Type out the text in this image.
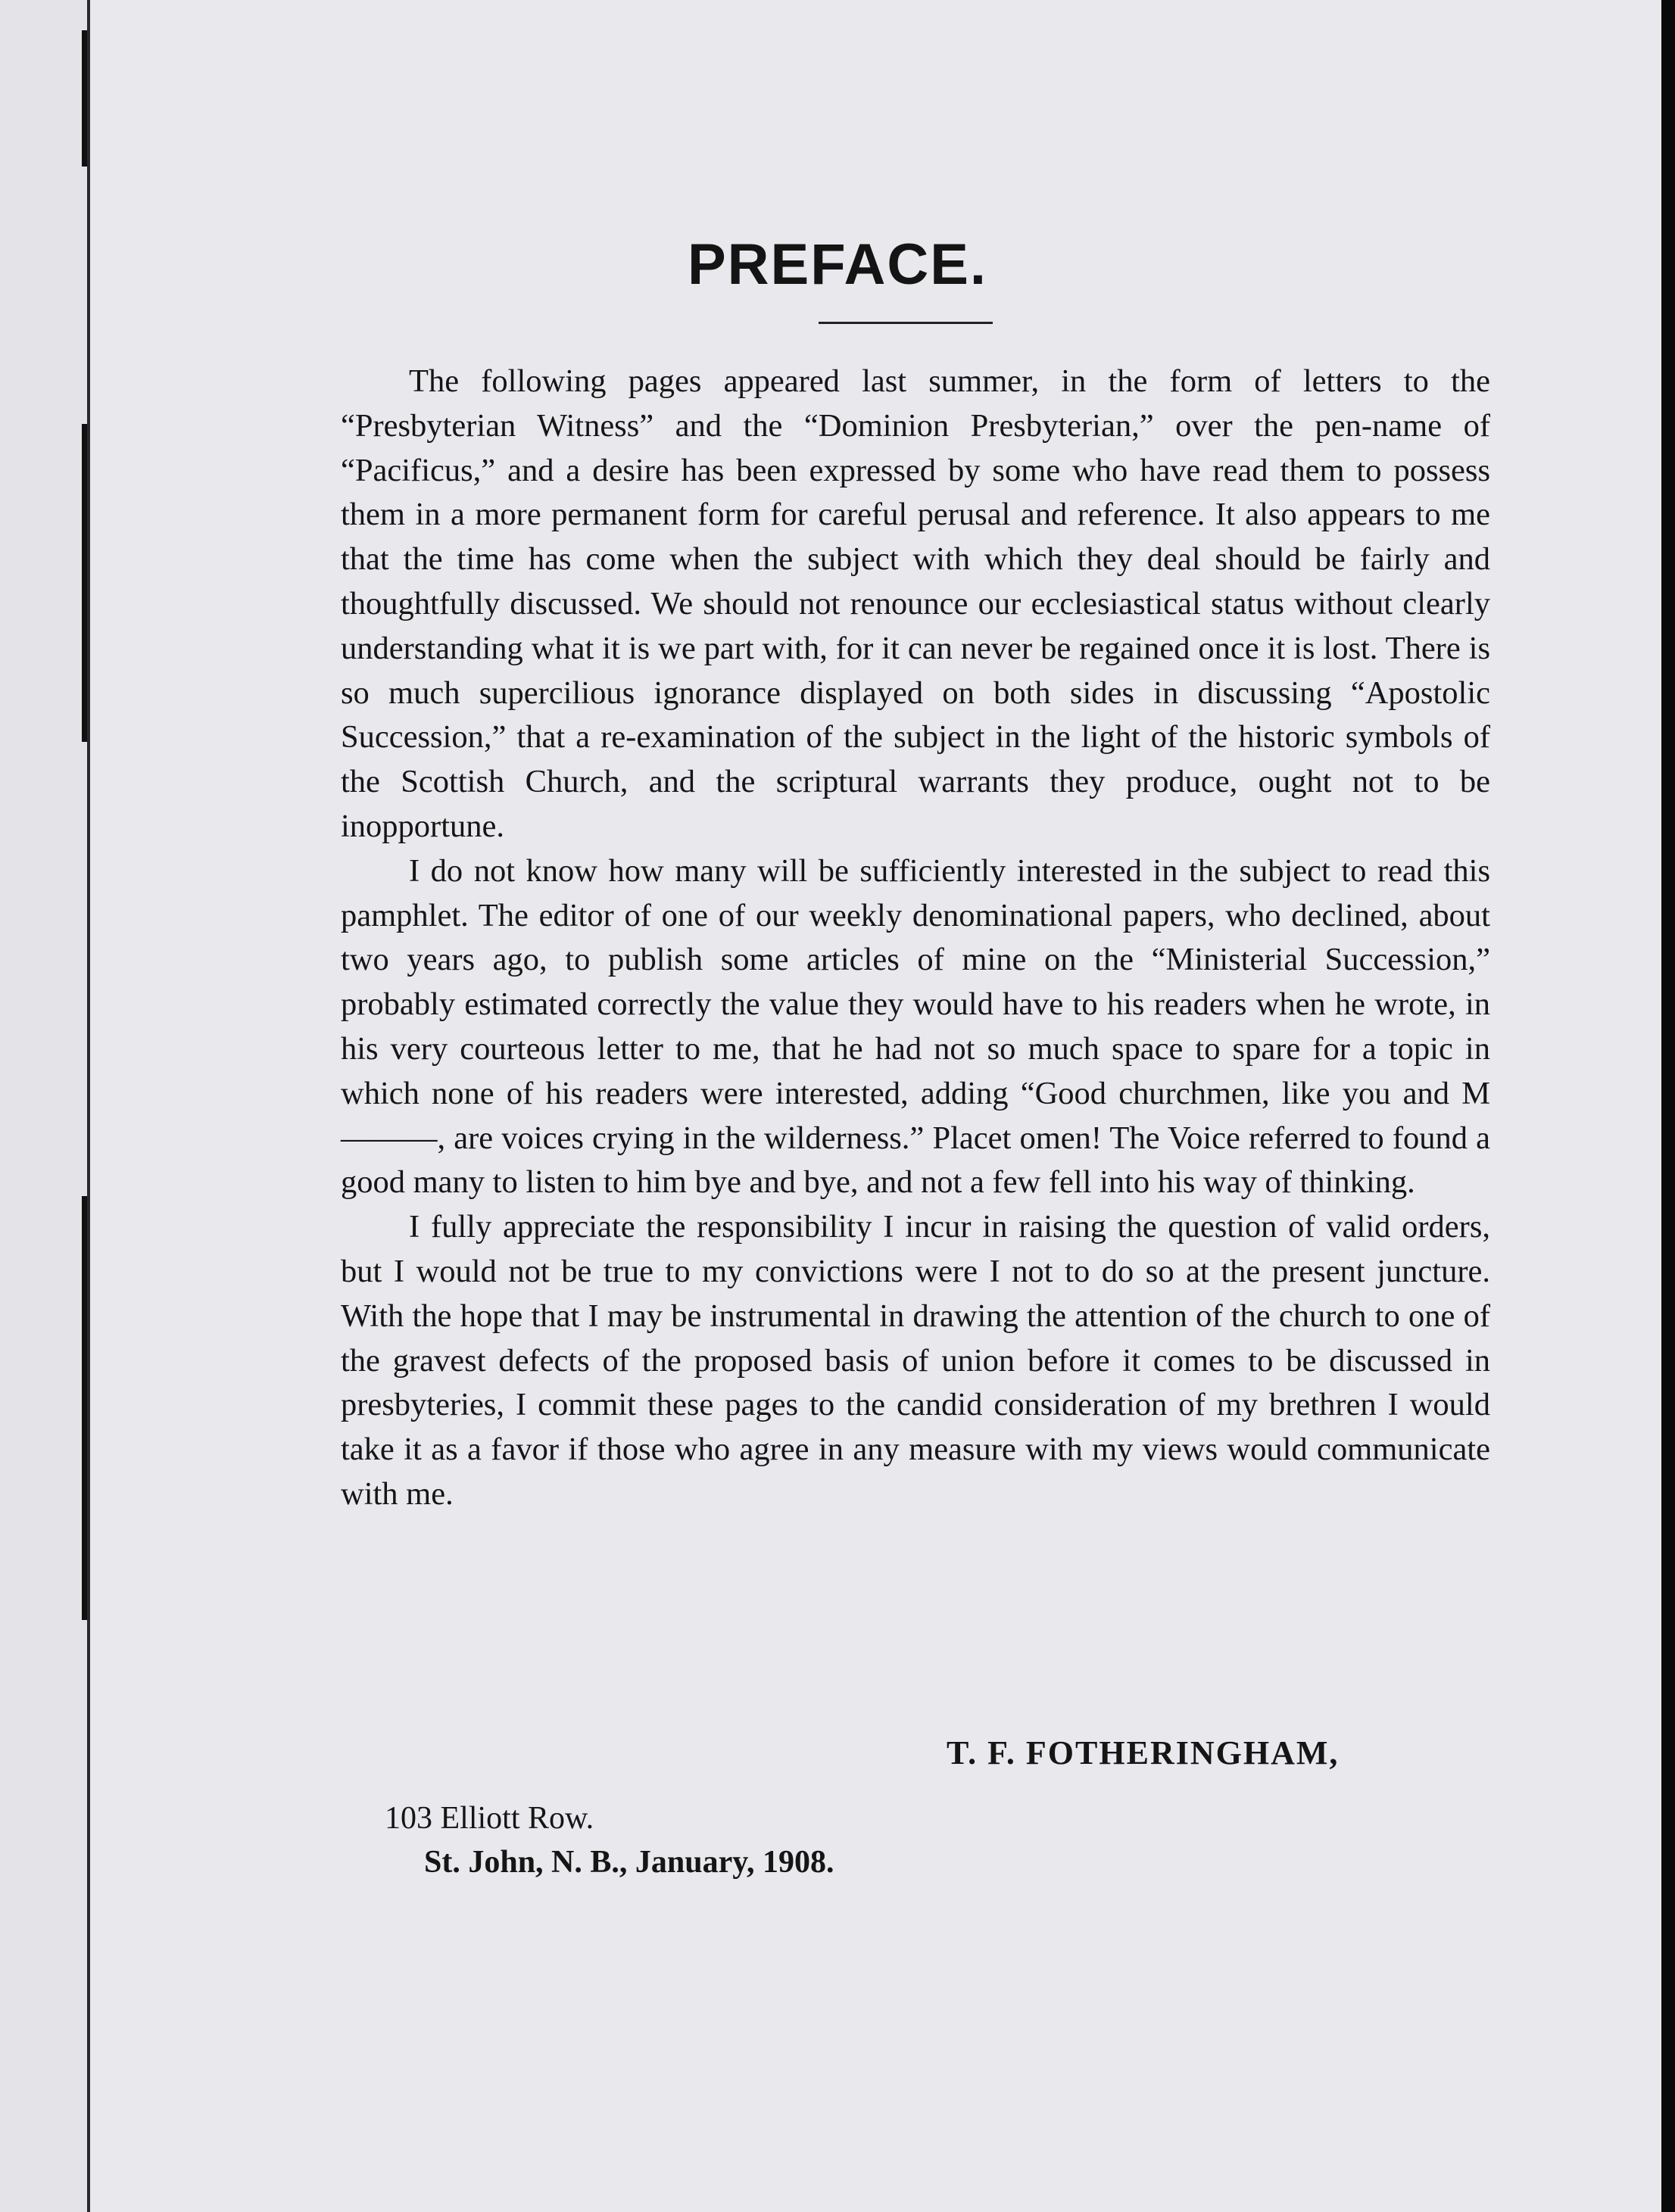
PREFACE.

The following pages appeared last summer, in the form of letters to the “Presbyterian Witness” and the “Dominion Presbyterian,” over the pen-name of “Pacificus,” and a desire has been expressed by some who have read them to possess them in a more permanent form for careful perusal and reference. It also appears to me that the time has come when the subject with which they deal should be fairly and thoughtfully discussed. We should not renounce our ecclesiastical status without clearly understanding what it is we part with, for it can never be regained once it is lost. There is so much supercilious ignorance displayed on both sides in discussing “Apostolic Succession,” that a re-examination of the subject in the light of the historic symbols of the Scottish Church, and the scriptural warrants they produce, ought not to be inopportune.

I do not know how many will be sufficiently interested in the subject to read this pamphlet. The editor of one of our weekly denominational papers, who declined, about two years ago, to publish some articles of mine on the “Ministerial Succession,” probably estimated correctly the value they would have to his readers when he wrote, in his very courteous letter to me, that he had not so much space to spare for a topic in which none of his readers were interested, adding “Good churchmen, like you and M———, are voices crying in the wilderness.” Placet omen! The Voice referred to found a good many to listen to him bye and bye, and not a few fell into his way of thinking.

I fully appreciate the responsibility I incur in raising the question of valid orders, but I would not be true to my convictions were I not to do so at the present juncture. With the hope that I may be instrumental in drawing the attention of the church to one of the gravest defects of the proposed basis of union before it comes to be discussed in presbyteries, I commit these pages to the candid consideration of my brethren I would take it as a favor if those who agree in any measure with my views would communicate with me.

T. F. FOTHERINGHAM,
103 Elliott Row.
St. John, N. B., January, 1908.
